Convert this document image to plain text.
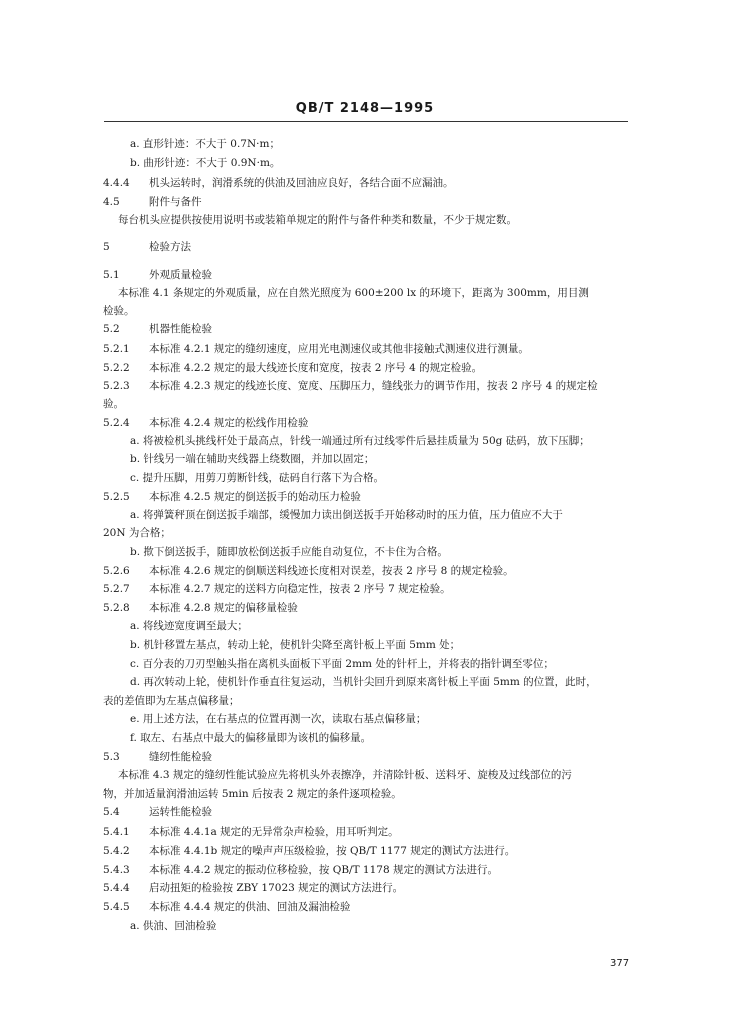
QB/T 2148—1995
a. 直形针迹：不大于 0.7N·m；
b. 曲形针迹：不大于 0.9N·m。
4.4.4 机头运转时，润滑系统的供油及回油应良好，各结合面不应漏油。
4.5	附件与备件
每台机头应提供按使用说明书或装箱单规定的附件与备件种类和数量，不少于规定数。
5	检验方法
5.1	外观质量检验
本标准 4.1 条规定的外观质量，应在自然光照度为 600±200 lx 的环境下，距离为 300mm，用目测
检验。
5.2	机器性能检验
5.2.1 本标准 4.2.1 规定的缝纫速度，应用光电测速仪或其他非接触式测速仪进行测量。
5.2.2 本标准 4.2.2 规定的最大线迹长度和宽度，按表 2 序号 4 的规定检验。
5.2.3 本标准 4.2.3 规定的线迹长度、宽度、压脚压力，缝线张力的调节作用，按表 2 序号 4 的规定检
验。
5.2.4 本标准 4.2.4 规定的松线作用检验
a. 将被检机头挑线杆处于最高点，针线一端通过所有过线零件后悬挂质量为 50g 砝码，放下压脚；
b. 针线另一端在辅助夹线器上绕数圈，并加以固定；
c. 提升压脚，用剪刀剪断针线，砝码自行落下为合格。
5.2.5 本标准 4.2.5 规定的倒送扳手的始动压力检验
a. 将弹簧秤顶在倒送扳手端部，缓慢加力读出倒送扳手开始移动时的压力值，压力值应不大于
20N 为合格；
b. 揿下倒送扳手，随即放松倒送扳手应能自动复位，不卡住为合格。
5.2.6 本标准 4.2.6 规定的倒顺送料线迹长度相对误差，按表 2 序号 8 的规定检验。
5.2.7 本标准 4.2.7 规定的送料方向稳定性，按表 2 序号 7 规定检验。
5.2.8 本标准 4.2.8 规定的偏移量检验
a. 将线迹宽度调至最大；
b. 机针移置左基点，转动上轮，使机针尖降至离针板上平面 5mm 处；
c. 百分表的刀刃型触头指在离机头面板下平面 2mm 处的针杆上，并将表的指针调至零位；
d. 再次转动上轮，使机针作垂直往复运动，当机针尖回升到原来离针板上平面 5mm 的位置，此时，
表的差值即为左基点偏移量；
e. 用上述方法，在右基点的位置再测一次，读取右基点偏移量；
f. 取左、右基点中最大的偏移量即为该机的偏移量。
5.3	缝纫性能检验
本标准 4.3 规定的缝纫性能试验应先将机头外表擦净，并清除针板、送料牙、旋梭及过线部位的污
物，并加适量润滑油运转 5min 后按表 2 规定的条件逐项检验。
5.4	运转性能检验
5.4.1 本标准 4.4.1a 规定的无异常杂声检验，用耳听判定。
5.4.2 本标准 4.4.1b 规定的噪声声压级检验，按 QB/T 1177 规定的测试方法进行。
5.4.3 本标准 4.4.2 规定的振动位移检验，按 QB/T 1178 规定的测试方法进行。
5.4.4 启动扭矩的检验按 ZBY 17023 规定的测试方法进行。
5.4.5 本标准 4.4.4 规定的供油、回油及漏油检验
a. 供油、回油检验
377
